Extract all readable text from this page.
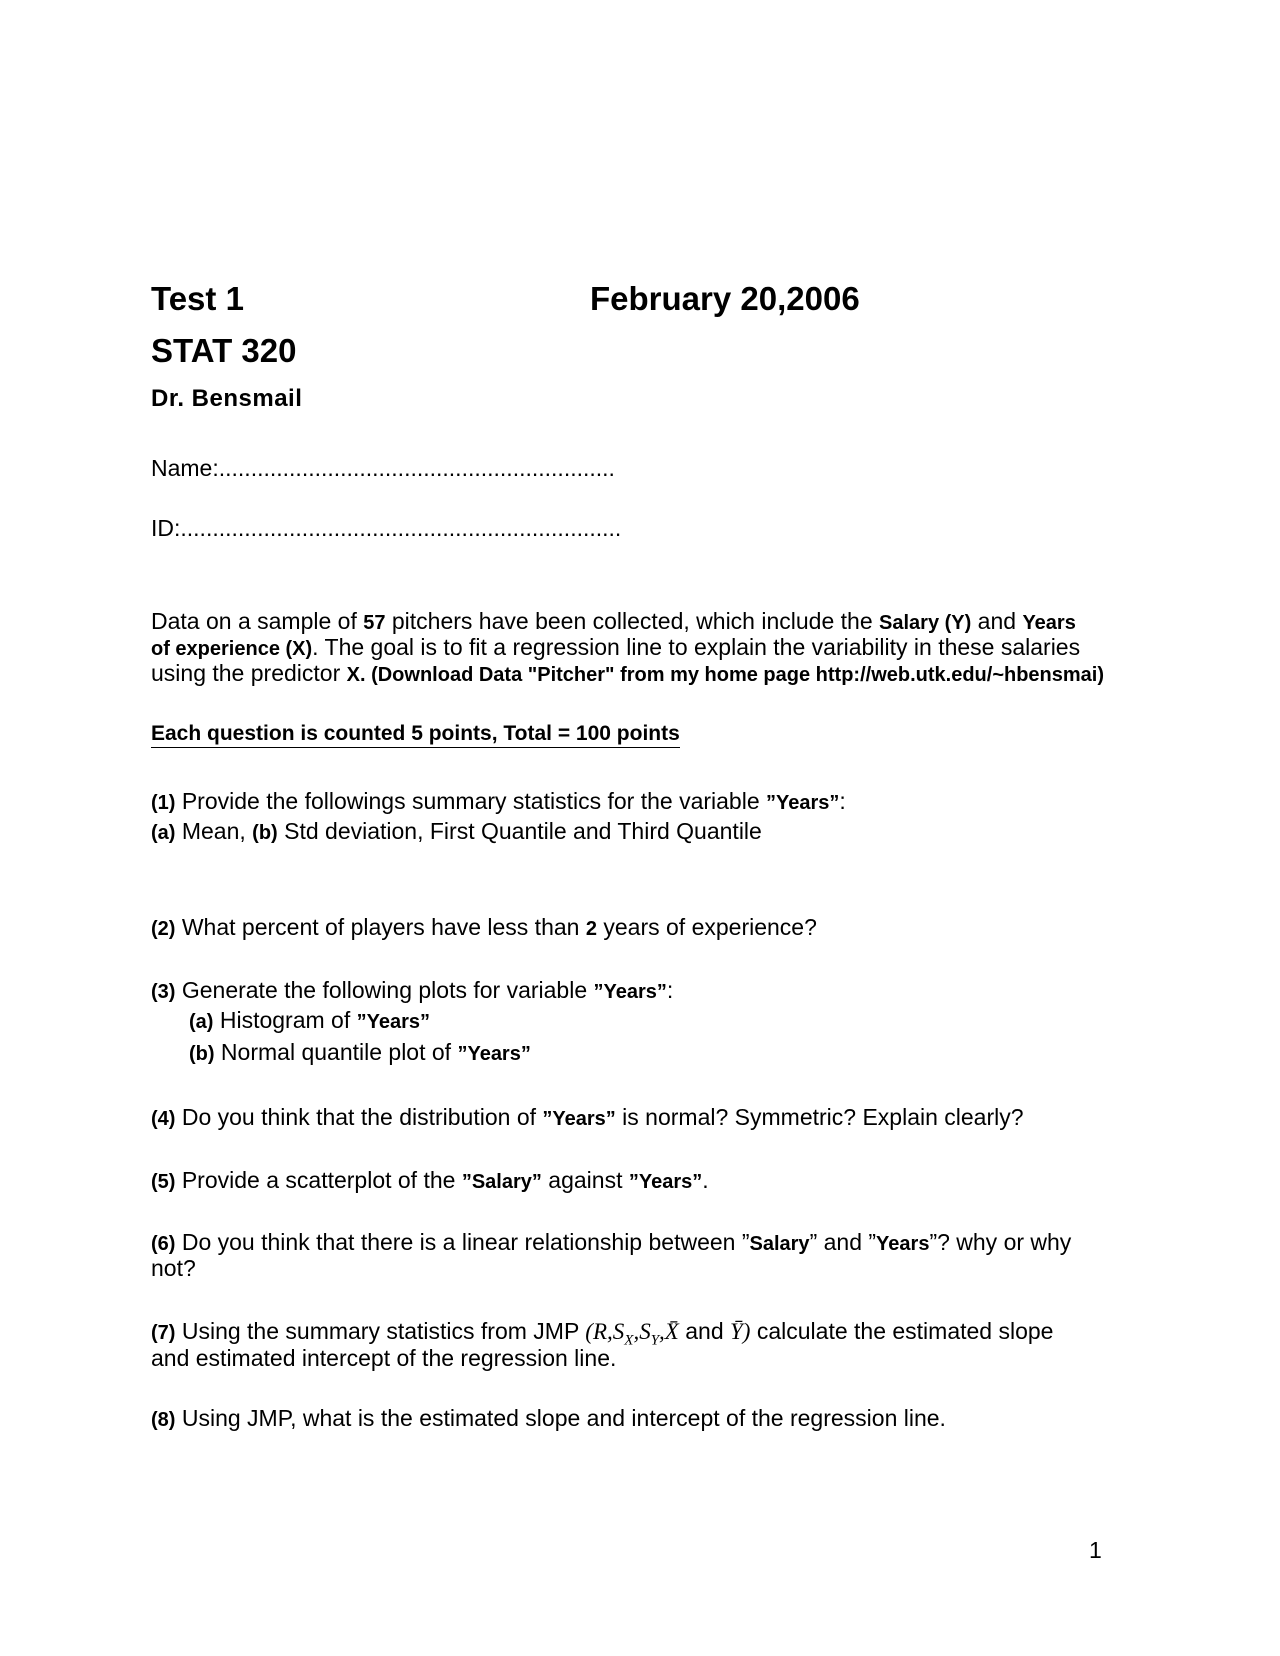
Test 1	February 20,2006
STAT 320
Dr. Bensmail
Name:..............................................................
ID:.....................................................................
Data on a sample of 57 pitchers have been collected, which include the Salary (Y) and Years
of experience (X). The goal is to fit a regression line to explain the variability in these salaries
using the predictor X. (Download Data "Pitcher" from my home page http://web.utk.edu/~hbensmai)
Each question is counted 5 points, Total = 100 points
(1) Provide the followings summary statistics for the variable ”Years”:
(a) Mean, (b) Std deviation, First Quantile and Third Quantile
(2) What percent of players have less than 2 years of experience?
(3) Generate the following plots for variable ”Years”:
(a) Histogram of ”Years”
(b) Normal quantile plot of ”Years”
(4) Do you think that the distribution of ”Years” is normal? Symmetric? Explain clearly?
(5) Provide a scatterplot of the ”Salary” against ”Years”.
(6) Do you think that there is a linear relationship between ”Salary” and ”Years”? why or why
not?
(7) Using the summary statistics from JMP ($R,S_X,S_Y,X̄$ and Ȳ) calculate the estimated slope
and estimated intercept of the regression line.
(8) Using JMP, what is the estimated slope and intercept of the regression line.
1
